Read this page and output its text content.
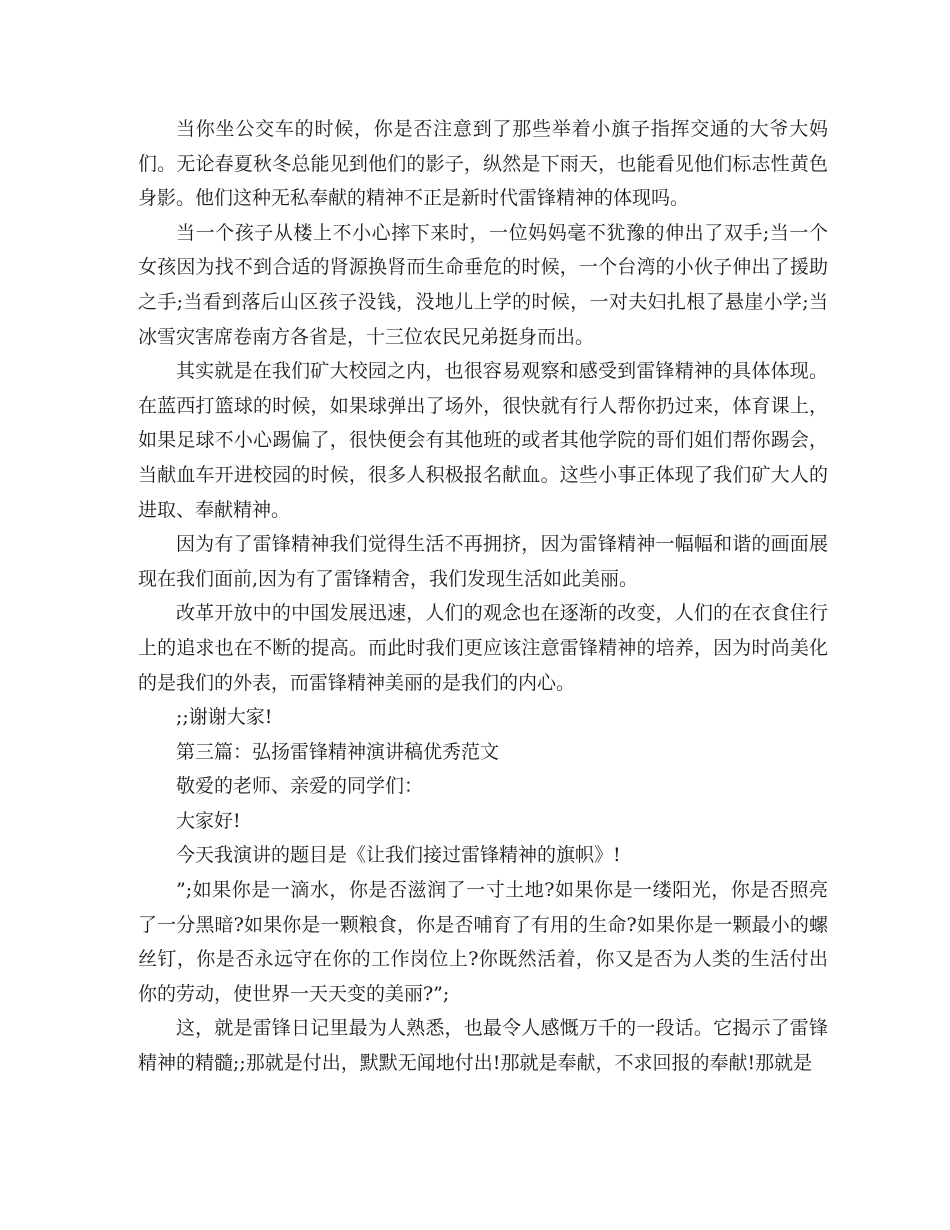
当你坐公交车的时候，你是否注意到了那些举着小旗子指挥交通的大爷大妈们。无论春夏秋冬总能见到他们的影子，纵然是下雨天，也能看见他们标志性黄色身影。他们这种无私奉献的精神不正是新时代雷锋精神的体现吗。

当一个孩子从楼上不小心摔下来时，一位妈妈毫不犹豫的伸出了双手;当一个女孩因为找不到合适的肾源换肾而生命垂危的时候，一个台湾的小伙子伸出了援助之手;当看到落后山区孩子没钱，没地儿上学的时候，一对夫妇扎根了悬崖小学;当冰雪灾害席卷南方各省是，十三位农民兄弟挺身而出。

其实就是在我们矿大校园之内，也很容易观察和感受到雷锋精神的具体体现。在蓝西打篮球的时候，如果球弹出了场外，很快就有行人帮你扔过来，体育课上，如果足球不小心踢偏了，很快便会有其他班的或者其他学院的哥们姐们帮你踢会，当献血车开进校园的时候，很多人积极报名献血。这些小事正体现了我们矿大人的进取、奉献精神。

因为有了雷锋精神我们觉得生活不再拥挤，因为雷锋精神一幅幅和谐的画面展现在我们面前,因为有了雷锋精舍，我们发现生活如此美丽。

改革开放中的中国发展迅速，人们的观念也在逐渐的改变，人们的在衣食住行上的追求也在不断的提高。而此时我们更应该注意雷锋精神的培养，因为时尚美化的是我们的外表，而雷锋精神美丽的是我们的内心。

;;谢谢大家!

第三篇：弘扬雷锋精神演讲稿优秀范文

敬爱的老师、亲爱的同学们：

大家好!

今天我演讲的题目是《让我们接过雷锋精神的旗帜》!

”;如果你是一滴水，你是否滋润了一寸土地?如果你是一缕阳光，你是否照亮了一分黑暗?如果你是一颗粮食，你是否哺育了有用的生命?如果你是一颗最小的螺丝钉，你是否永远守在你的工作岗位上?你既然活着，你又是否为人类的生活付出你的劳动，使世界一天天变的美丽?”;

这，就是雷锋日记里最为人熟悉，也最令人感慨万千的一段话。它揭示了雷锋精神的精髓;;那就是付出，默默无闻地付出!那就是奉献，不求回报的奉献!那就是
